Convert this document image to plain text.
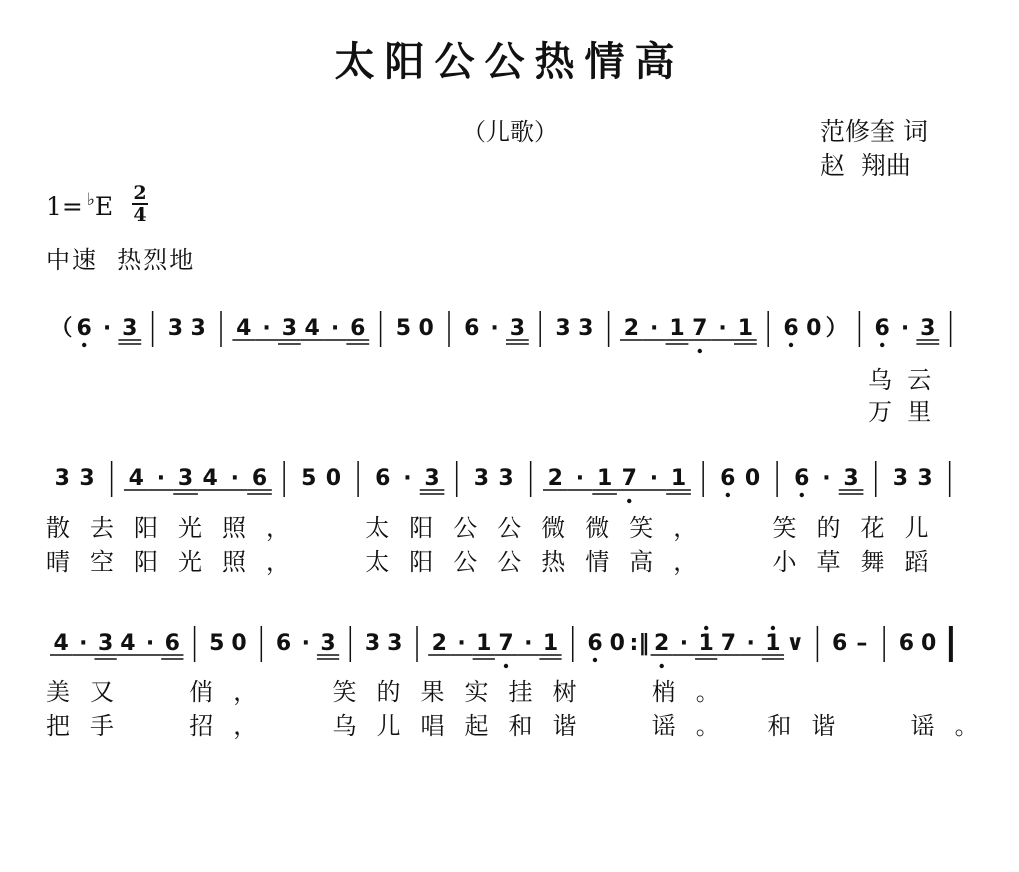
太阳公公热情高
（儿歌）	范修奎 词
赵  翔曲
1= ♭E 2
4
中速  热烈地
（ 6 · 3 3 3 4 · 3 4 · 6 5 0 6 · 3 3 3 2 · 1 7 · 1 6 0 ） 6 · 3
3 3 4 · 3 4 · 6 5 0 6 · 3 3 3 2 · 1 7 · 1 6 0 6 · 3 3 3
4 · 3 4 · 6 5 0 6 · 3 3 3 2 · 1 7 · 1 6 0 :‖ 2 · 1 7 · 1 ∨ 6 – 6 0
乌  云
万  里
散去阳光照，  太阳公公微微笑，  笑的花儿
晴空阳光照，  太阳公公热情高，  小草舞蹈
美又  俏，  笑的果实挂树  梢。
把手  招，  乌儿唱起和谐  谣。 和谐  谣。
